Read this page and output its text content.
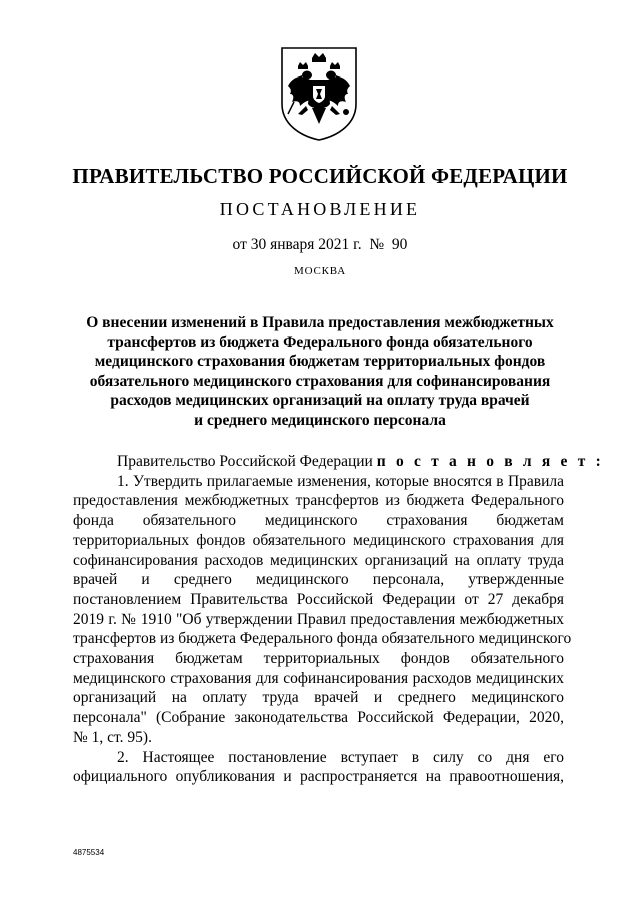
ПРАВИТЕЛЬСТВО РОССИЙСКОЙ ФЕДЕРАЦИИ
ПОСТАНОВЛЕНИЕ
от 30 января 2021 г.  №  90
МОСКВА
О внесении изменений в Правила предоставления межбюджетных
трансфертов из бюджета Федерального фонда обязательного
медицинского страхования бюджетам территориальных фондов
обязательного медицинского страхования для софинансирования
расходов медицинских организаций на оплату труда врачей
и среднего медицинского персонала
Правительство Российской Федерации п о с т а н о в л я е т :
1. Утвердить прилагаемые изменения, которые вносятся в Правила
предоставления межбюджетных трансфертов из бюджета Федерального
фонда обязательного медицинского страхования бюджетам
территориальных фондов обязательного медицинского страхования для
софинансирования расходов медицинских организаций на оплату труда
врачей и среднего медицинского персонала, утвержденные
постановлением Правительства Российской Федерации от 27 декабря
2019 г. № 1910 "Об утверждении Правил предоставления межбюджетных
трансфертов из бюджета Федерального фонда обязательного медицинского
страхования бюджетам территориальных фондов обязательного
медицинского страхования для софинансирования расходов медицинских
организаций на оплату труда врачей и среднего медицинского
персонала" (Собрание законодательства Российской Федерации, 2020,
№ 1, ст. 95).
2. Настоящее постановление вступает в силу со дня его
официального опубликования и распространяется на правоотношения,
4875534
